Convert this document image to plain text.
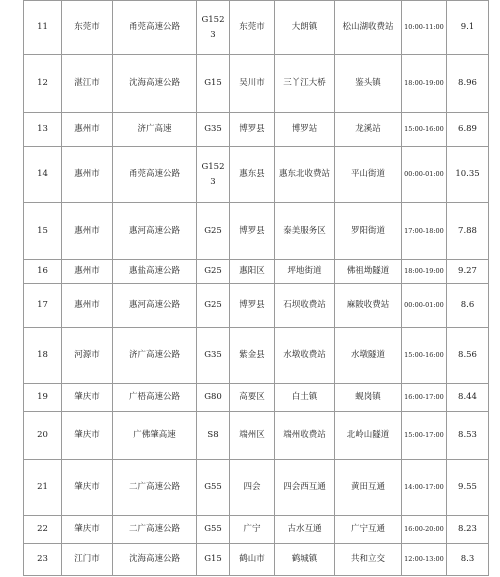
11	东莞市	甬莞高速公路	G1523	东莞市	大朗镇	松山湖收费站	10:00-11:00	9.1
12	湛江市	沈海高速公路	G15	吴川市	三丫江大桥	鉴头镇	18:00-19:00	8.96
13	惠州市	济广高速	G35	博罗县	博罗站	龙溪站	15:00-16:00	6.89
14	惠州市	甬莞高速公路	G1523	惠东县	惠东北收费站	平山街道	00:00-01:00	10.35
15	惠州市	惠河高速公路	G25	博罗县	泰美服务区	罗阳街道	17:00-18:00	7.88
16	惠州市	惠盐高速公路	G25	惠阳区	坪地街道	佛祖坳隧道	18:00-19:00	9.27
17	惠州市	惠河高速公路	G25	博罗县	石坝收费站	麻陂收费站	00:00-01:00	8.6
18	河源市	济广高速公路	G35	紫金县	水墩收费站	水墩隧道	15:00-16:00	8.56
19	肇庆市	广梧高速公路	G80	高要区	白土镇	蚬岗镇	16:00-17:00	8.44
20	肇庆市	广佛肇高速	S8	端州区	端州收费站	北岭山隧道	15:00-17:00	8.53
21	肇庆市	二广高速公路	G55	四会	四会西互通	黄田互通	14:00-17:00	9.55
22	肇庆市	二广高速公路	G55	广宁	古水互通	广宁互通	16:00-20:00	8.23
23	江门市	沈海高速公路	G15	鹤山市	鹤城镇	共和立交	12:00-13:00	8.3
